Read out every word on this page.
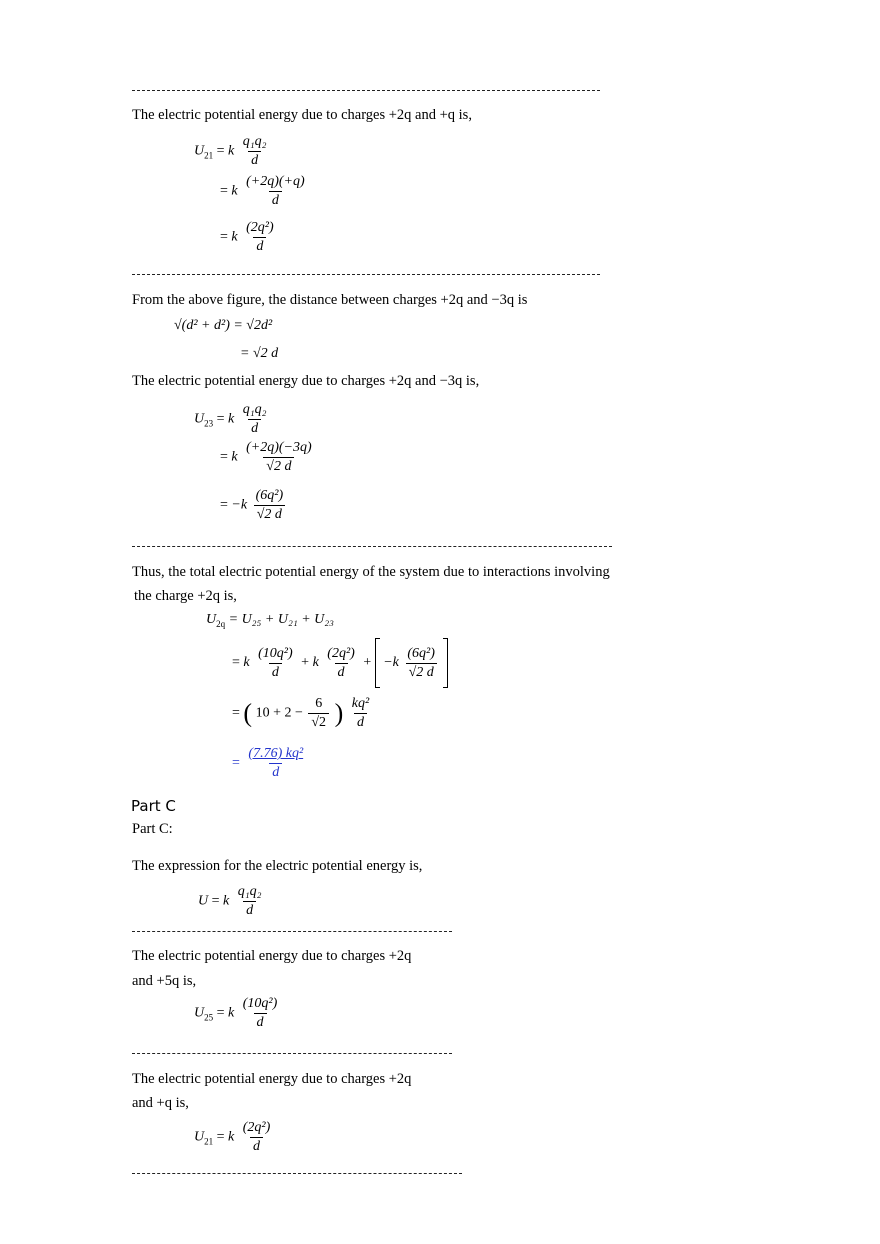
The electric potential energy due to charges +2q and +q is,
$U_{21} = k \frac{\text{q₁q₂}}{d}$
= k $\frac{(+2q)(+q)}{d}$
= k $\frac{\text{(2q²)}}{d}$
From the above figure, the distance between charges +2q and −3q is
√(d² + d²) = √2d²
= √2 d
The electric potential energy due to charges +2q and −3q is,
$U_{23} = k \frac{\text{q₁q₂}}{d}$
= k $\frac{(+2q)(-3q)}{√2 d}$
= $-k \frac{\text{(6q²)}}{√2 d}$
Thus, the total electric potential energy of the system due to interactions involving
the charge +2q is,
$U_{2q} = U_{25} + U_{21} + U_{23}$
= k $\frac{\text{(10q²)}}{d} + k \frac{\text{(2q²)}}{d} + -k \frac{\text{(6q²)}}{√2 d}$

= ( $10 + 2 - \frac{6}{√2}$ ) $\frac{\text{kq²}}{d}$
= $\frac{\text{(7.76) kq²}}{d}$
Part C
Part C:
The expression for the electric potential energy is,
U = k $\frac{\text{q₁q₂}}{d}$
The electric potential energy due to charges +2q
and +5q is,
$U_{25} = k \frac{\text{(10q²)}}{d}$
The electric potential energy due to charges +2q
and +q is,
$U_{21} = k \frac{\text{(2q²)}}{d}$
